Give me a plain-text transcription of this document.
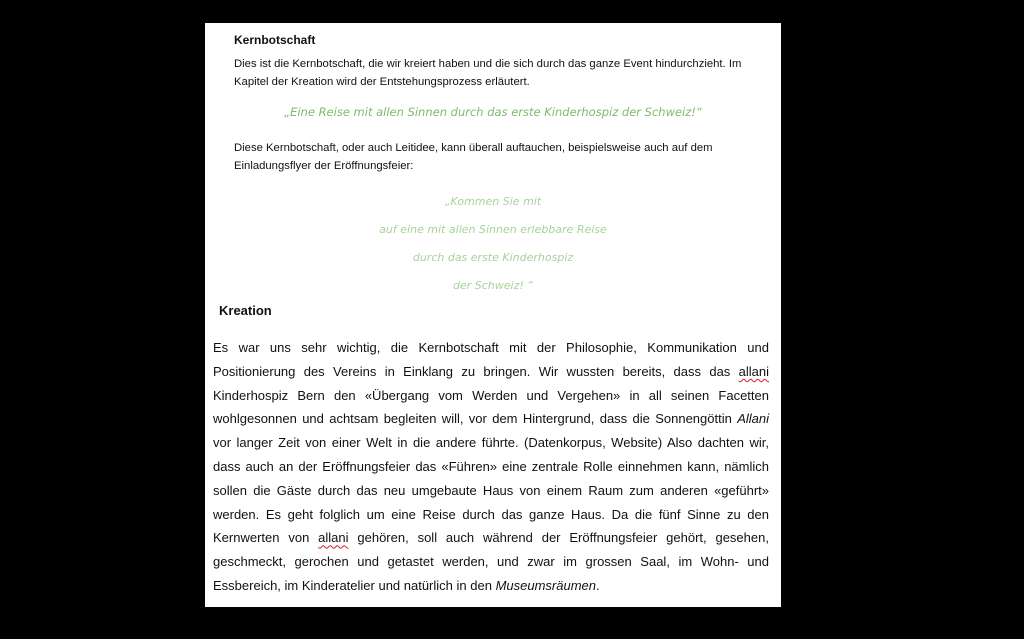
Kernbotschaft
Dies ist die Kernbotschaft, die wir kreiert haben und die sich durch das ganze Event hindurchzieht. Im Kapitel der Kreation wird der Entstehungsprozess erläutert.
„Eine Reise mit allen Sinnen durch das erste Kinderhospiz der Schweiz!“
Diese Kernbotschaft, oder auch Leitidee, kann überall auftauchen, beispielsweise auch auf dem Einladungsflyer der Eröffnungsfeier:
„Kommen Sie mit
auf eine mit allen Sinnen erlebbare Reise
durch das erste Kinderhospiz
der Schweiz! “
Kreation
Es war uns sehr wichtig, die Kernbotschaft mit der Philosophie, Kommunikation und
Positionierung des Vereins in Einklang zu bringen. Wir wussten bereits, dass das allani
Kinderhospiz Bern den «Übergang vom Werden und Vergehen» in all seinen Facetten
wohlgesonnen und achtsam begleiten will, vor dem Hintergrund, dass die Sonnengöttin Allani
vor langer Zeit von einer Welt in die andere führte. (Datenkorpus, Website) Also dachten wir,
dass auch an der Eröffnungsfeier das «Führen» eine zentrale Rolle einnehmen kann, nämlich
sollen die Gäste durch das neu umgebaute Haus von einem Raum zum anderen «geführt»
werden. Es geht folglich um eine Reise durch das ganze Haus. Da die fünf Sinne zu den
Kernwerten von allani gehören, soll auch während der Eröffnungsfeier gehört, gesehen,
geschmeckt, gerochen und getastet werden, und zwar im grossen Saal, im Wohn- und
Essbereich, im Kinderatelier und natürlich in den Museumsräumen.
